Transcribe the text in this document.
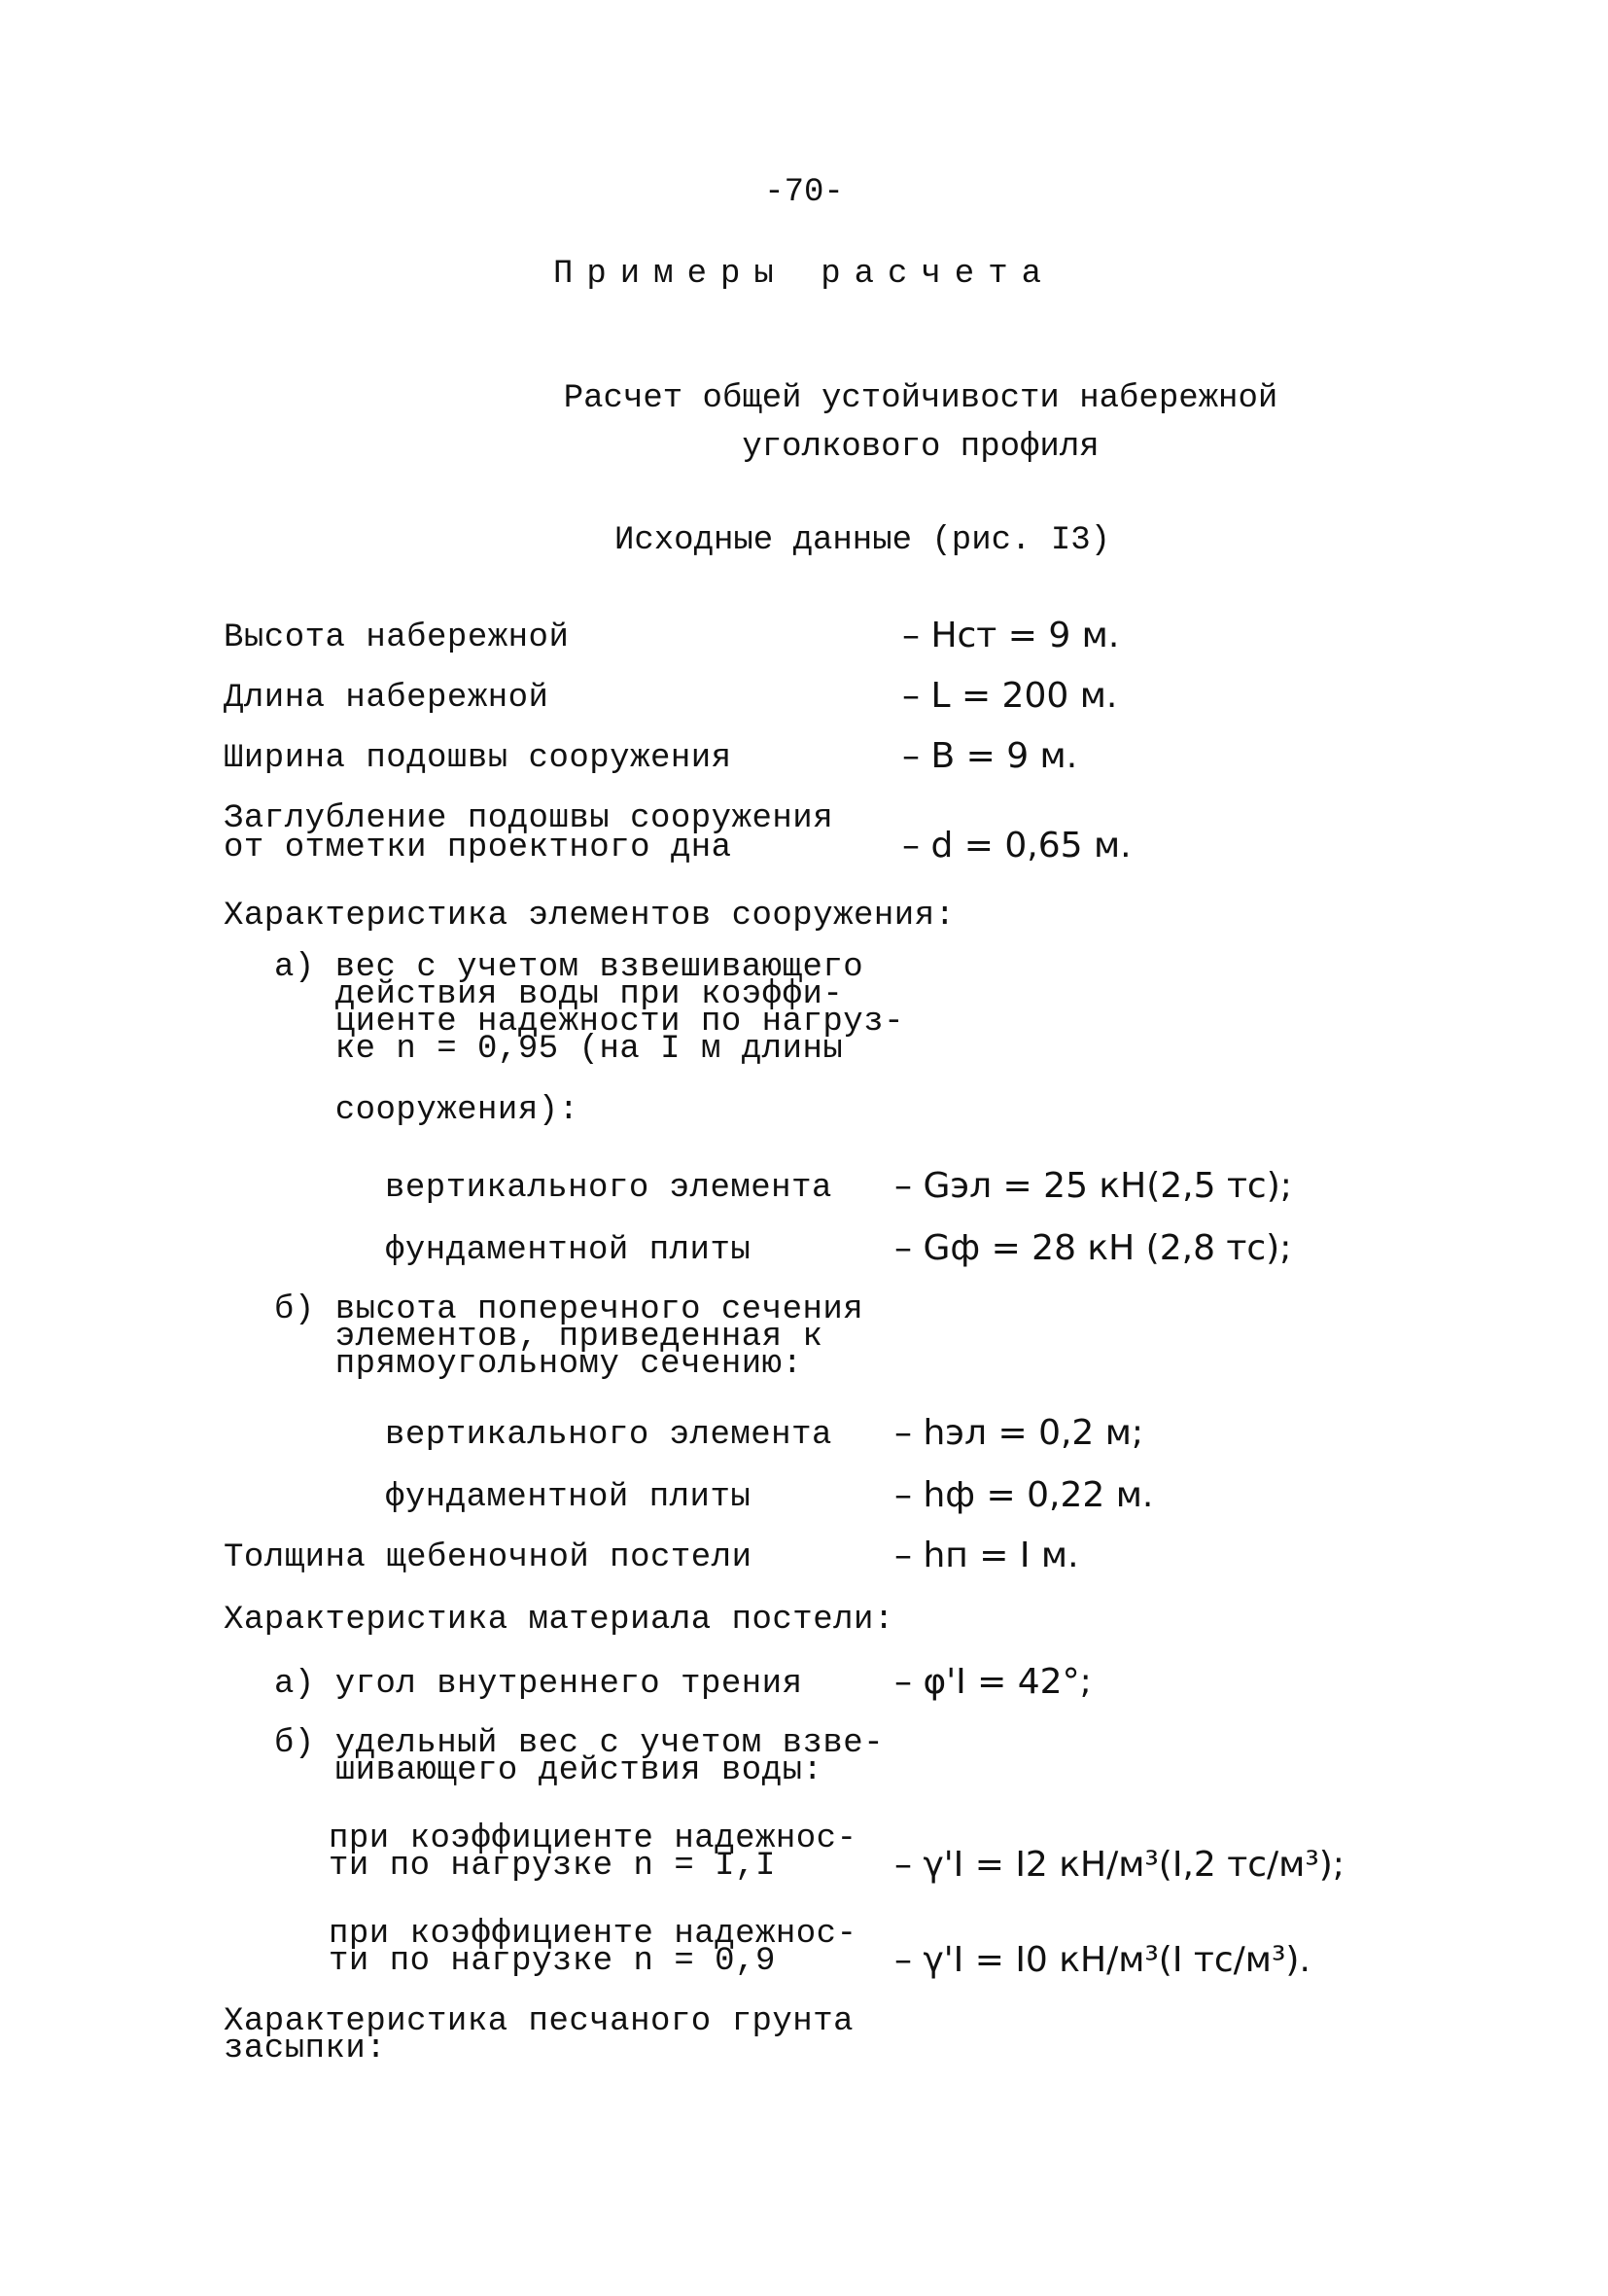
-70-
Примеры расчета
Расчет общей устойчивости набережной
уголкового профиля
Исходные данные (рис. I3)
Высота набережной	– Hст = 9 м.
Длина набережной	– L = 200 м.
Ширина подошвы сооружения	– B = 9 м.
Заглубление подошвы сооружения
от отметки проектного дна	– d = 0,65 м.
Характеристика элементов сооружения:
а) вес с учетом взвешивающего
действия воды при коэффи-
циенте надежности по нагруз-
ке n = 0,95 (на I м длины
сооружения):
вертикального элемента – Gэл = 25 кН(2,5 тс);
фундаментной плиты	– Gф = 28 кН (2,8 тс);
б) высота поперечного сечения
элементов, приведенная к
прямоугольному сечению:
вертикального элемента – hэл = 0,2 м;
фундаментной плиты	– hф = 0,22 м.
Толщина щебеночной постели	– hп = I м.
Характеристика материала постели:
а) угол внутреннего трения	– φ'I = 42°;
б) удельный вес с учетом взве-
шивающего действия воды:
при коэффициенте надежнос-
ти по нагрузке n = I,I	– γ'I = I2 кН/м³(I,2 тс/м³);
при коэффициенте надежнос-
ти по нагрузке n = 0,9	– γ'I = I0 кН/м³(I тс/м³).
Характеристика песчаного грунта
засыпки:
